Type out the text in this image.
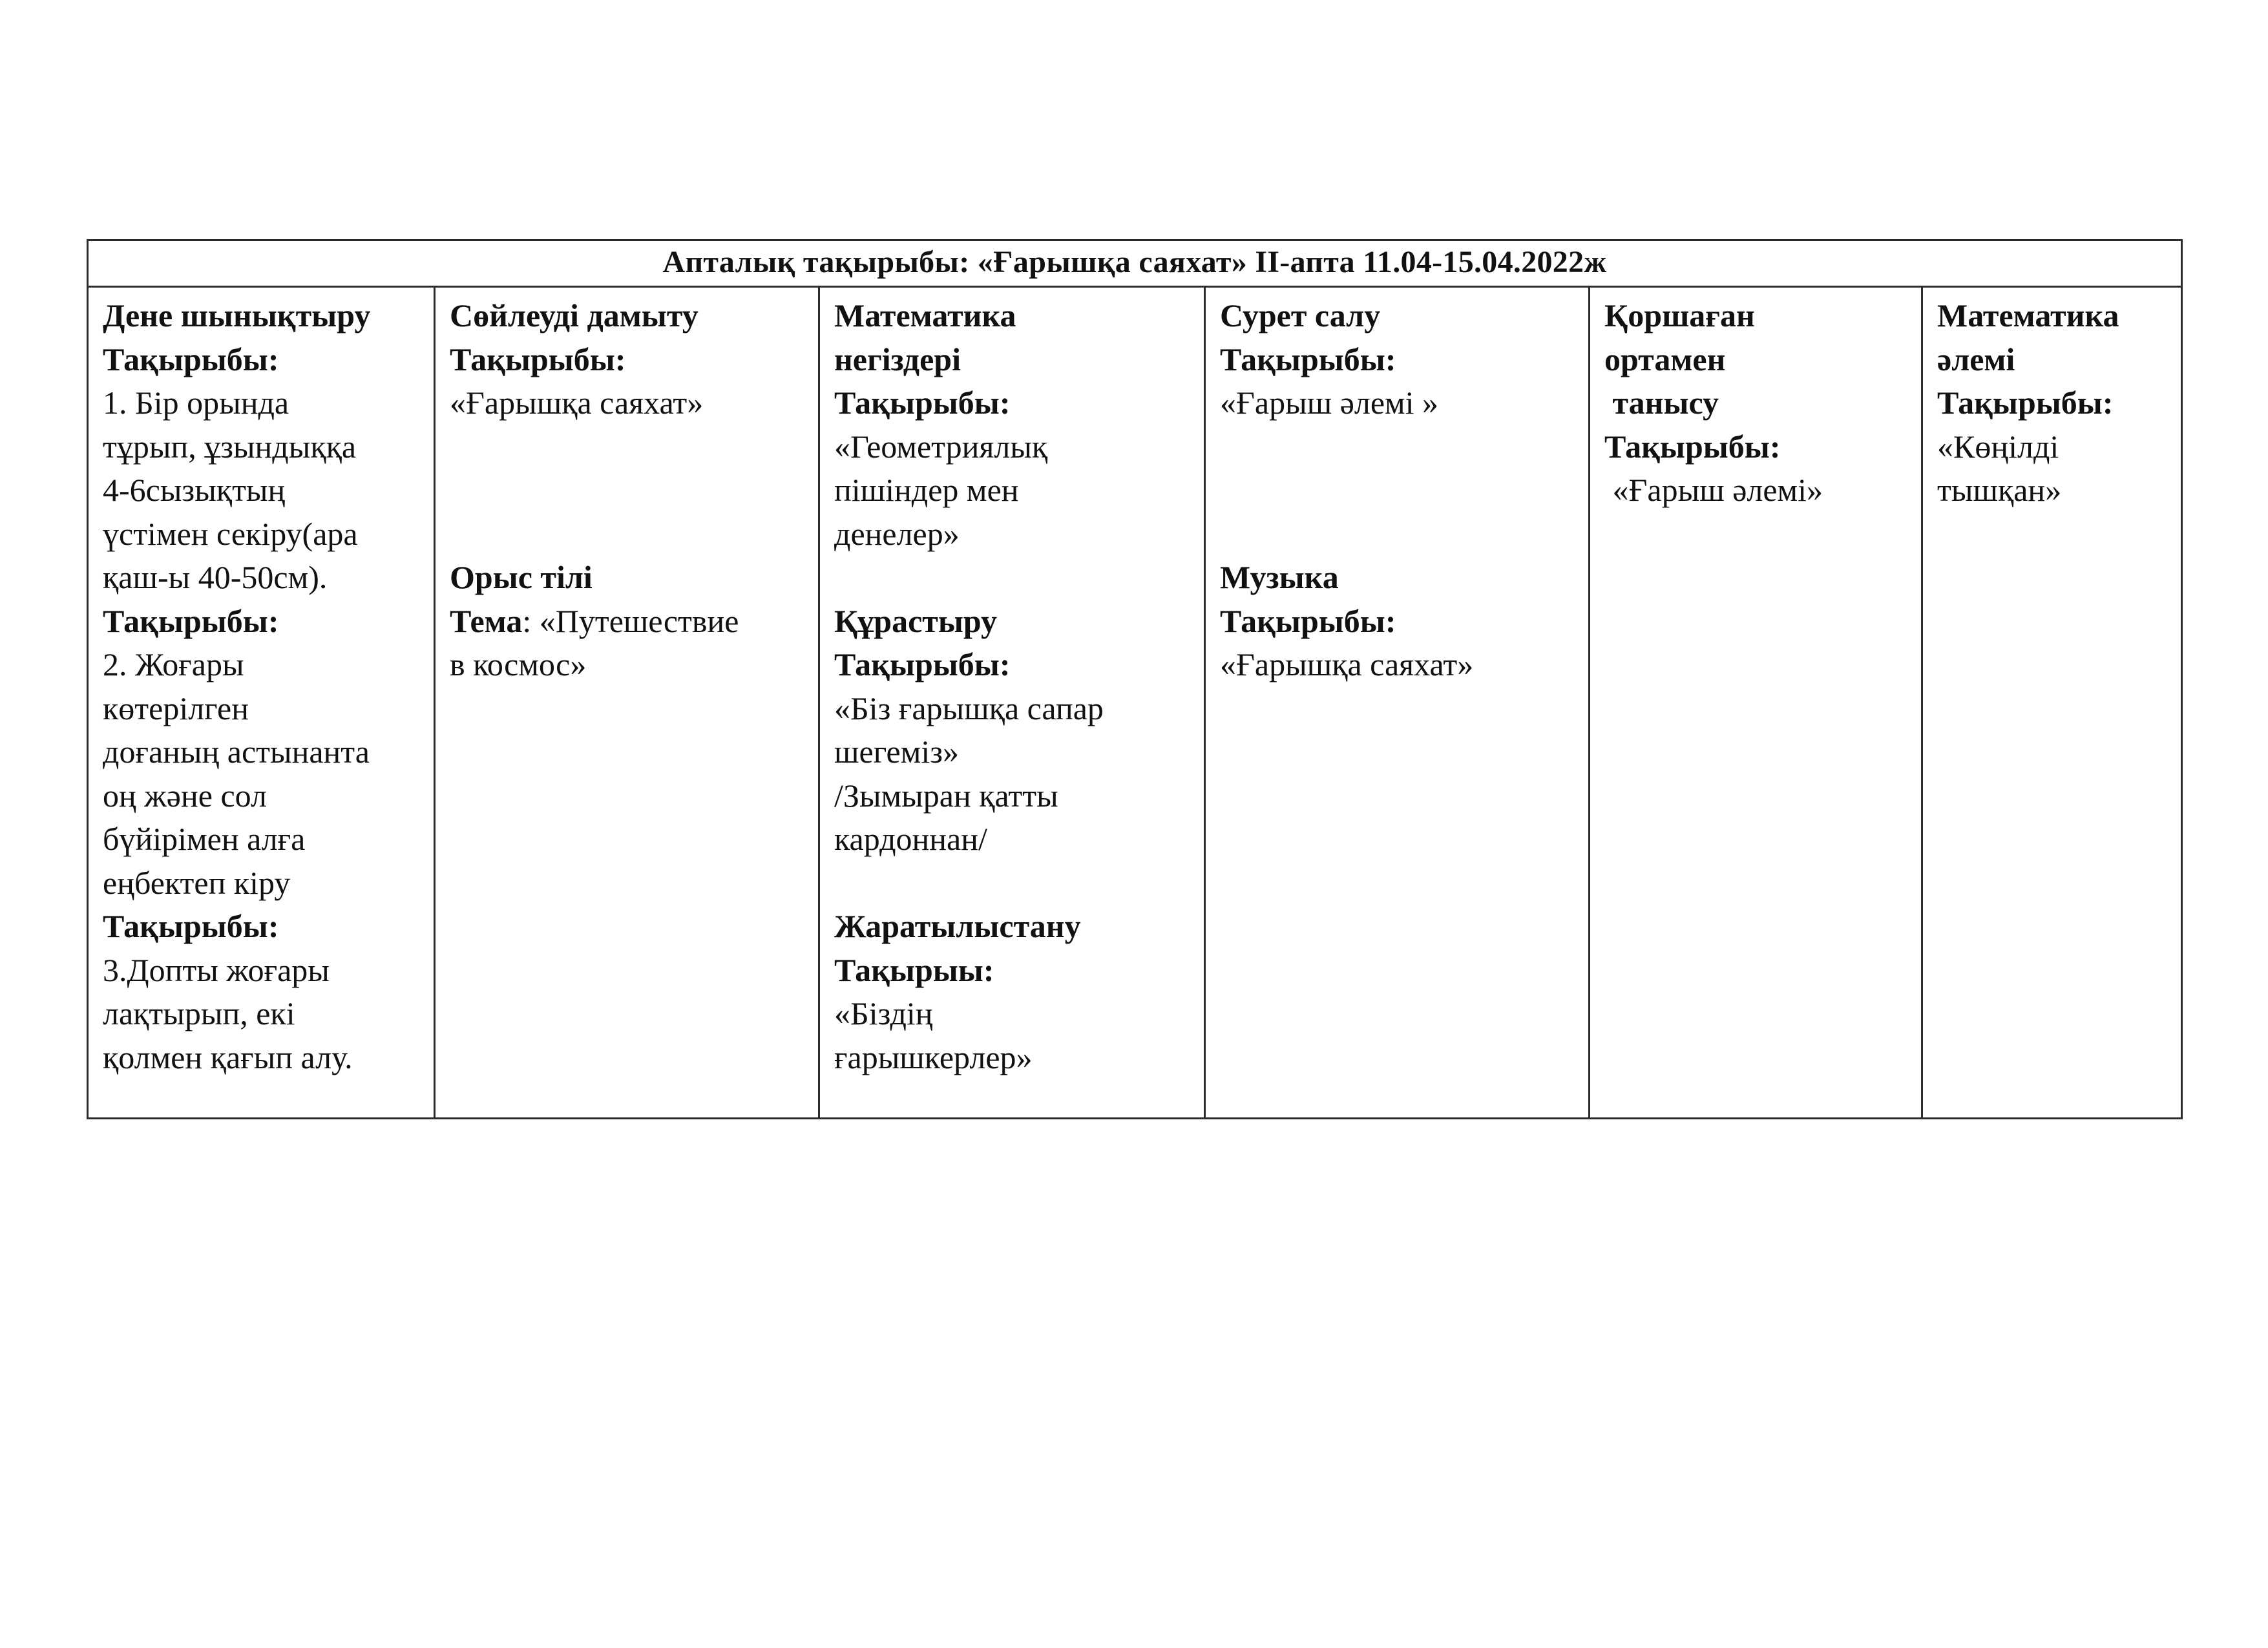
Апталық тақырыбы: «Ғарышқа саяхат» ІІ-апта 11.04-15.04.2022ж
Дене шынықтыру
Тақырыбы:
1. Бір орында
тұрып, ұзындыққа
4-6сызықтың
үстімен секіру(ара
қаш-ы 40-50см).
Тақырыбы:
2. Жоғары
көтерілген
доғаның астынанта
оң және сол
бүйірімен алға
еңбектеп кіру
Тақырыбы:
3.Допты жоғары
лақтырып, екі
қолмен қағып алу.
Сөйлеуді дамыту
Тақырыбы:
«Ғарышқа саяхат»
Орыс тілі
Тема: «Путешествие
в космос»
Математика
негіздері
Тақырыбы:
«Геометриялық
пішіндер мен
денелер»
Құрастыру
Тақырыбы:
«Біз ғарышқа сапар
шегеміз»
/Зымыран қатты
кардоннан/
Жаратылыстану
Тақырыы:
«Біздің
ғарышкерлер»
Сурет салу
Тақырыбы:
«Ғарыш әлемі »
Музыка
Тақырыбы:
«Ғарышқа саяхат»
Қоршаған
ортамен
танысу
Тақырыбы:
«Ғарыш әлемі»
Математика
әлемі
Тақырыбы:
«Көңілді
тышқан»
